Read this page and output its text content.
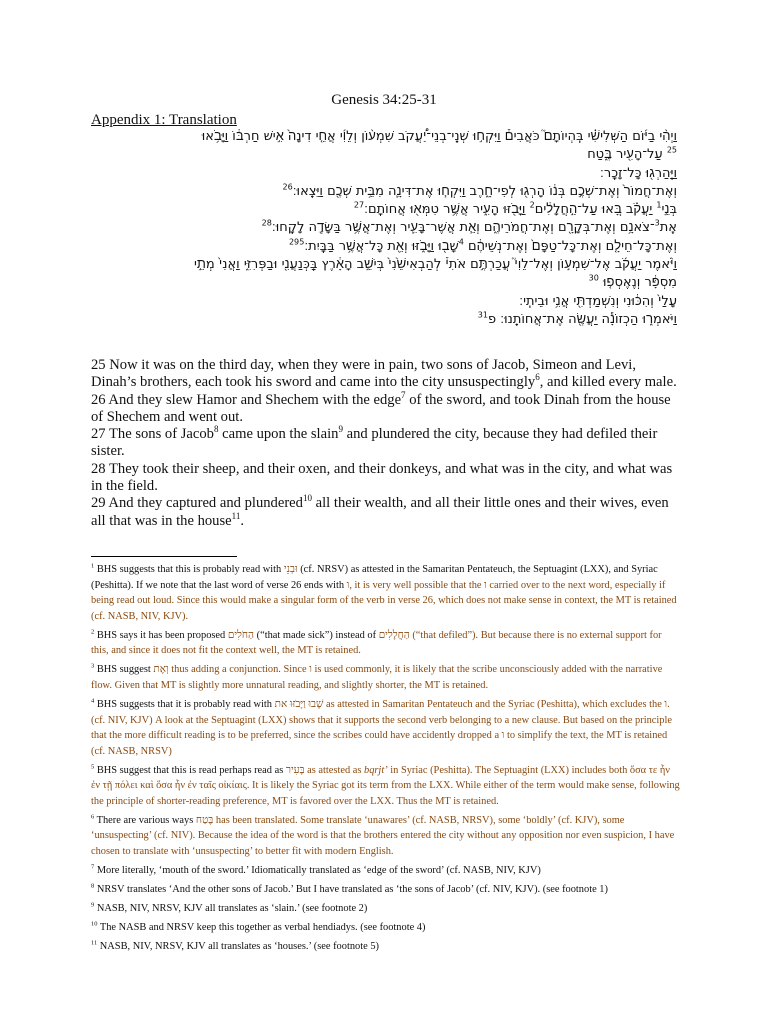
Genesis 34:25-31
Appendix 1: Translation
וַיְהִ֨י בַיּ֜וֹם הַשְּׁלִישִׁ֗י בִּֽהְיוֹתָם֮ כֹּאֲבִים֒ וַיִּקְח֣וּ שְׁנֵֽי־בְנֵי־יַ֠עֲקֹב שִׁמְע֨וֹן וְלֵוִ֜י אֲחֵ֤י דִינָה֙ אִ֣ישׁ חַרְבּ֔וֹ וַיָּבֹ֥אוּ
$^{25}$ עַל־הָעִ֖יר בֶּ֑טַח
וַיַּֽהַרְג֖וּ כָּל־זָכָֽר׃
וְאֶת־חֲמוֹר֙ וְאֶת־שְׁכֶ֣ם בְּנ֔וֹ הָרְג֖וּ לְפִי־חָ֑רֶב וַיִּקְח֧וּ אֶת־דִּינָ֛ה מִבֵּ֥ית שְׁכֶ֖ם וַיֵּצֵֽאוּ׃$^{26}$
בְּנֵ֣י$^1$ יַעֲקֹ֗ב בָּ֚אוּ עַל־הַ֣חֲלָלִ֔ים$^2$ וַיָּבֹ֖זּוּ הָעִ֑יר אֲשֶׁ֥ר טִמְּא֖וּ אֲחוֹתָֽם׃$^{27}$
אֶֽת$^3$־צֹאנָ֥ם וְאֶת־בְּקָרָ֖ם וְאֶת־חֲמֹרֵיהֶ֑ם וְאֵ֧ת אֲשֶׁר־בָּעִ֛יר וְאֶת־אֲשֶׁ֥ר בַּשָּׂדֶ֖ה לָקָֽחוּ׃$^{28}$
וְאֶת־כָּל־חֵילָ֤ם וְאֶת־כָּל־טַפָּם֙ וְאֶת־נְשֵׁיהֶ֔ם $^4$שָׁב֖וּ וַיָּבֹ֑זּוּ וְאֵ֖ת כָּל־אֲשֶׁ֥ר בַּבָּֽיִת׃$^{295}$
וַיֹּ֨אמֶר יַעֲקֹ֜ב אֶל־שִׁמְע֣וֹן וְאֶל־לֵוִי֮ עֲכַרְתֶּ֣ם אֹתִי֒ לְהַבְאִישֵׁ֙נִי֙ בְּיֹשֵׁ֣ב הָאָ֔רֶץ בַּֽכְּנַעֲנִ֖י וּבַפְּרִזִּ֑י וַאֲנִי֙ מְתֵ֣י
מִסְפָּ֔ר וְנֶאֶסְפ֤וּ $^{30}$
עָלַי֙ וְהִכּ֔וּנִי וְנִשְׁמַדְתִּ֖י אֲנִ֥י וּבֵיתִֽי׃
וַיֹּאמְר֑וּ הַכְזוֹנָ֕ה יַעֲשֶׂ֖ה אֶת־אֲחוֹתֵֽנוּ׃ פ$^{31}$

25 Now it was on the third day, when they were in pain, two sons of Jacob, Simeon and Levi, Dinah’s brothers, each took his sword and came into the city unsuspectingly$^6$, and killed every male.

26 And they slew Hamor and Shechem with the edge$^7$ of the sword, and took Dinah from the house of Shechem and went out.

27 The sons of Jacob$^8$ came upon the slain$^9$ and plundered the city, because they had defiled their sister.

28 They took their sheep, and their oxen, and their donkeys, and what was in the city, and what was in the field.

29 And they captured and plundered$^{10}$ all their wealth, and all their little ones and their wives, even all that was in the house$^{11}$.

$^1$ BHS suggests that this is probably read with וּבְנֵי (cf. NRSV) as attested in the Samaritan Pentateuch, the Septuagint (LXX), and Syriac (Peshitta). If we note that the last word of verse 26 ends with ו, it is very well possible that the ו carried over to the next word, especially if being read out loud. Since this would make a singular form of the verb in verse 26, which does not make sense in context, the MT is retained (cf. NASB, NIV, KJV).

$^2$ BHS says it has been proposed הַחֹלִים (“that made sick”) instead of הַחֲלָלִים (“that defiled”). But because there is no external support for this, and since it does not fit the context well, the MT is retained.

$^3$ BHS suggest וְאֶת thus adding a conjunction. Since ו is used commonly, it is likely that the scribe unconsciously added with the narrative flow. Given that MT is slightly more unnatural reading, and slightly shorter, the MT is retained.

$^4$ BHS suggests that it is probably read with שָׁבוּ וַיָּבֹזּוּ את as attested in Samaritan Pentateuch and the Syriac (Peshitta), which excludes the ו. (cf. NIV, KJV) A look at the Septuagint (LXX) shows that it supports the second verb belonging to a new clause. But based on the principle that the more difficult reading is to be preferred, since the scribes could have accidently dropped a ו to simplify the text, the MT is retained (cf. NASB, NRSV)

$^5$ BHS suggest that this is read perhaps read as בָּעִיר as attested as bqrjt’ in Syriac (Peshitta). The Septuagint (LXX) includes both ὅσα τε ἦν ἐν τῇ πόλει καὶ ὅσα ἦν ἐν ταῖς οἰκίαις. It is likely the Syriac got its term from the LXX. While either of the term would make sense, following the principle of shorter-reading preference, MT is favored over the LXX. Thus the MT is retained.

$^6$ There are various ways בֶּטַח has been translated. Some translate ‘unawares’ (cf. NASB, NRSV), some ‘boldly’ (cf. KJV), some ‘unsuspecting’ (cf. NIV). Because the idea of the word is that the brothers entered the city without any opposition nor even suspicion, I have chosen to translate with ‘unsuspecting’ to better fit with modern English.

$^7$ More literally, ‘mouth of the sword.’ Idiomatically translated as ‘edge of the sword’ (cf. NASB, NIV, KJV)

$^8$ NRSV translates ‘And the other sons of Jacob.’ But I have translated as ‘the sons of Jacob’ (cf. NIV, KJV). (see footnote 1)

$^9$ NASB, NIV, NRSV, KJV all translates as ‘slain.’ (see footnote 2)

$^{10}$ The NASB and NRSV keep this together as verbal hendiadys. (see footnote 4)

$^{11}$ NASB, NIV, NRSV, KJV all translates as ‘houses.’ (see footnote 5)
